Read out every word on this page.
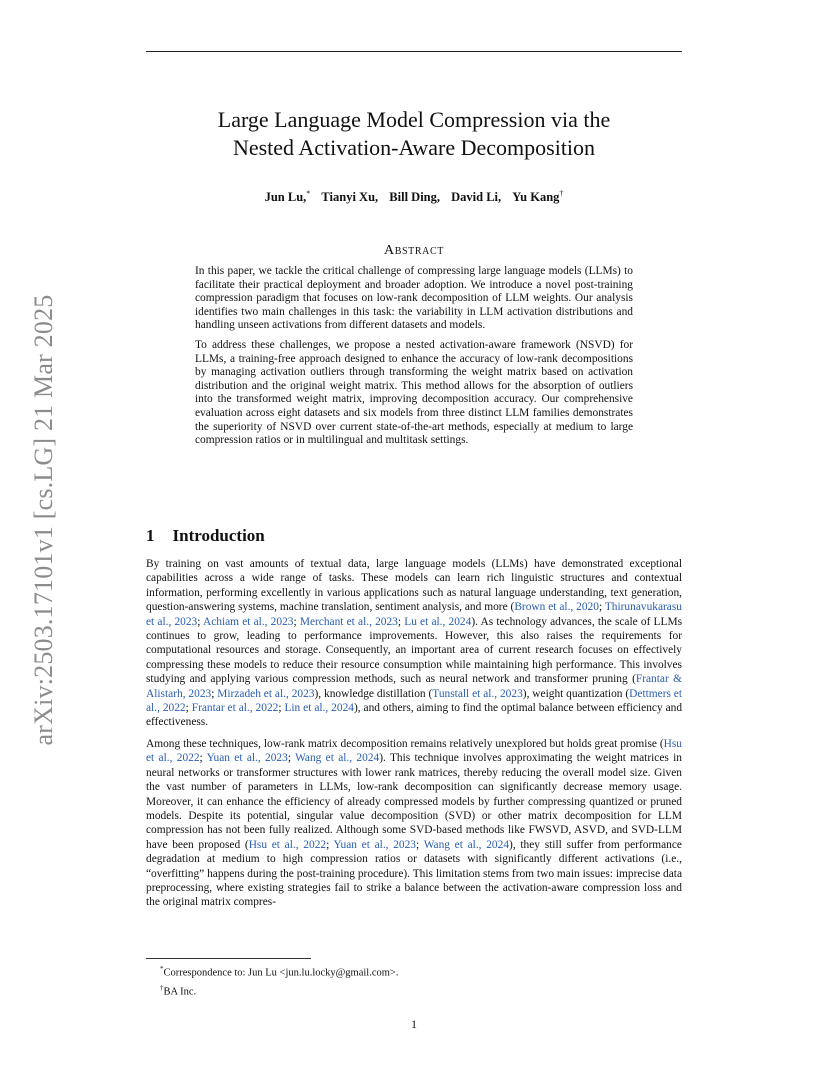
arXiv:2503.17101v1 [cs.LG] 21 Mar 2025
Large Language Model Compression via the
Nested Activation-Aware Decomposition
Jun Lu,* Tianyi Xu, Bill Ding, David Li, Yu Kang†
Abstract

In this paper, we tackle the critical challenge of compressing large language models (LLMs) to facilitate their practical deployment and broader adoption. We introduce a novel post-training compression paradigm that focuses on low-rank decomposition of LLM weights. Our analysis identifies two main challenges in this task: the variability in LLM activation distributions and handling unseen activations from different datasets and models.

To address these challenges, we propose a nested activation-aware framework (NSVD) for LLMs, a training-free approach designed to enhance the accuracy of low-rank decompositions by managing activation outliers through transforming the weight matrix based on activation distribution and the original weight matrix. This method allows for the absorption of outliers into the transformed weight matrix, improving decomposition accuracy. Our comprehensive evaluation across eight datasets and six models from three distinct LLM families demonstrates the superiority of NSVD over current state-of-the-art methods, especially at medium to large compression ratios or in multilingual and multitask settings.

1 Introduction

By training on vast amounts of textual data, large language models (LLMs) have demonstrated exceptional capabilities across a wide range of tasks. These models can learn rich linguistic structures and contextual information, performing excellently in various applications such as natural language understanding, text generation, question-answering systems, machine translation, sentiment analysis, and more (Brown et al., 2020; Thirunavukarasu et al., 2023; Achiam et al., 2023; Merchant et al., 2023; Lu et al., 2024). As technology advances, the scale of LLMs continues to grow, leading to performance improvements. However, this also raises the requirements for computational resources and storage. Consequently, an important area of current research focuses on effectively compressing these models to reduce their resource consumption while maintaining high performance. This involves studying and applying various compression methods, such as neural network and transformer pruning (Frantar & Alistarh, 2023; Mirzadeh et al., 2023), knowledge distillation (Tunstall et al., 2023), weight quantization (Dettmers et al., 2022; Frantar et al., 2022; Lin et al., 2024), and others, aiming to find the optimal balance between efficiency and effectiveness.

Among these techniques, low-rank matrix decomposition remains relatively unexplored but holds great promise (Hsu et al., 2022; Yuan et al., 2023; Wang et al., 2024). This technique involves approximating the weight matrices in neural networks or transformer structures with lower rank matrices, thereby reducing the overall model size. Given the vast number of parameters in LLMs, low-rank decomposition can significantly decrease memory usage. Moreover, it can enhance the efficiency of already compressed models by further compressing quantized or pruned models. Despite its potential, singular value decomposition (SVD) or other matrix decomposition for LLM compression has not been fully realized. Although some SVD-based methods like FWSVD, ASVD, and SVD-LLM have been proposed (Hsu et al., 2022; Yuan et al., 2023; Wang et al., 2024), they still suffer from performance degradation at medium to high compression ratios or datasets with significantly different activations (i.e., “overfitting” happens during the post-training procedure). This limitation stems from two main issues: imprecise data preprocessing, where existing strategies fail to strike a balance between the activation-aware compression loss and the original matrix compres-

*Correspondence to: Jun Lu <jun.lu.locky@gmail.com>.
†BA Inc.
1
